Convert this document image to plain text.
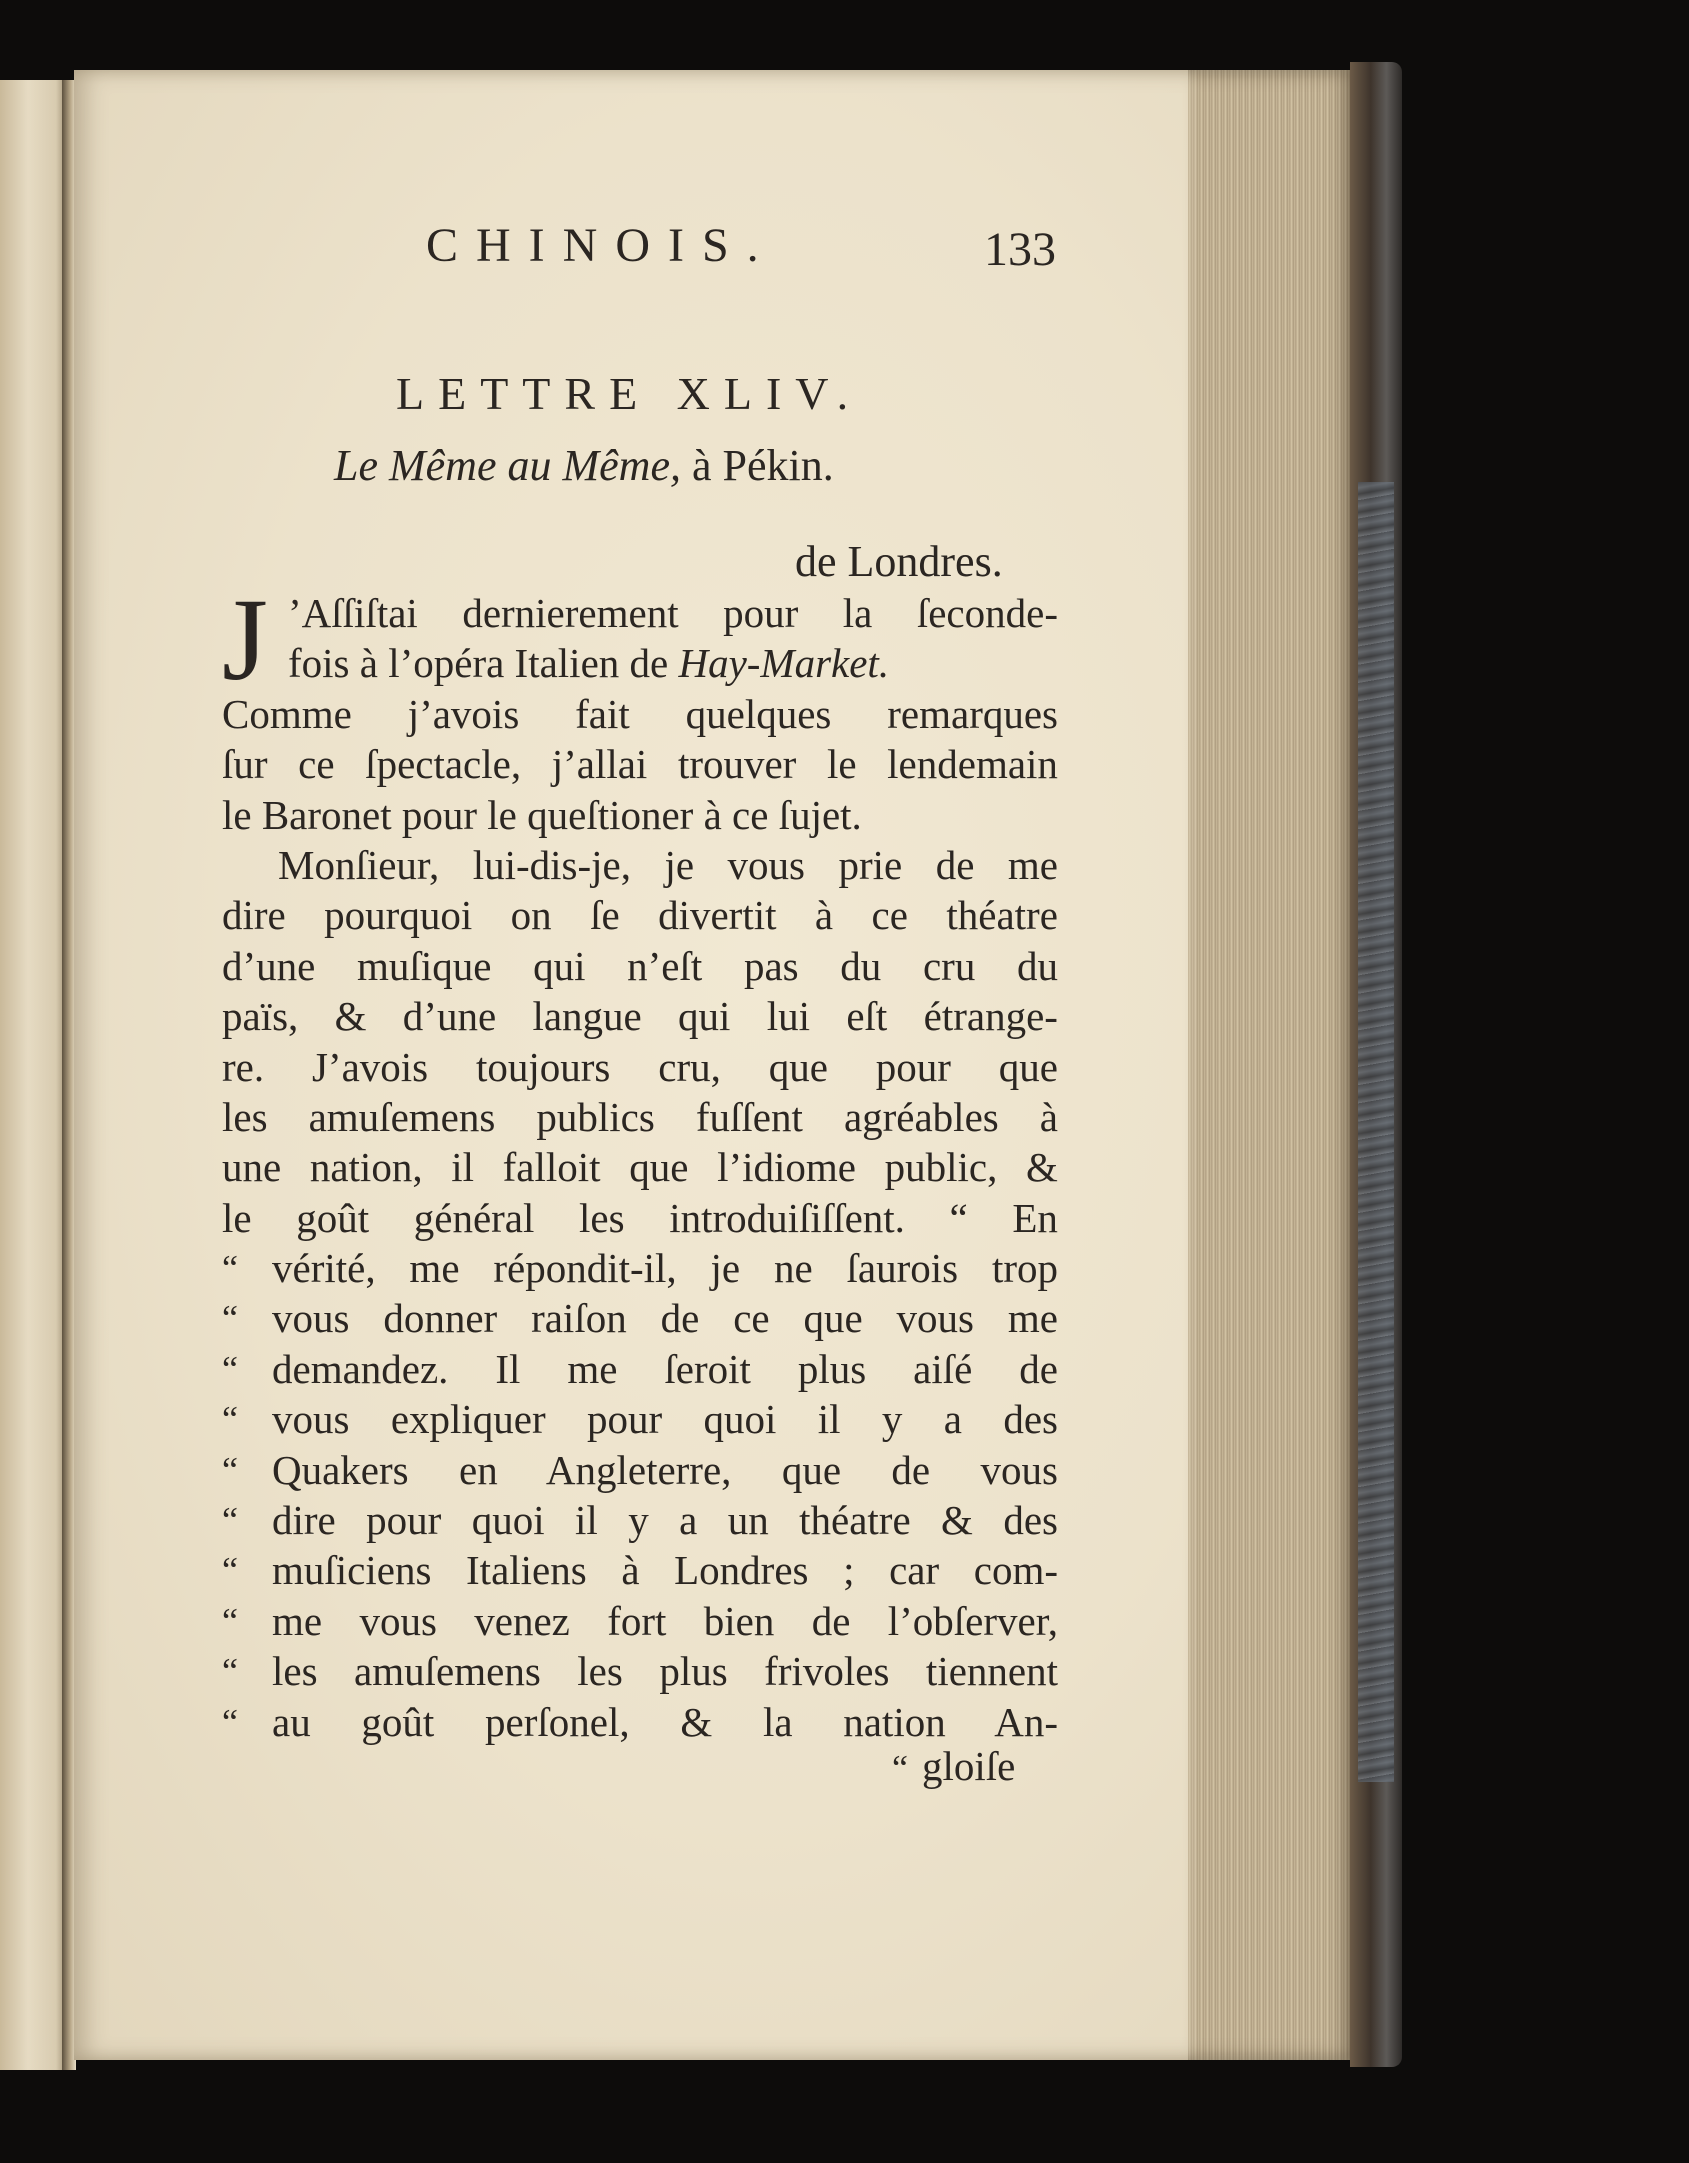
CHINOIS.	133
LETTRE XLIV.
Le Même au Même, à Pékin.
de Londres.
J ’Aſſiſtai dernierement pour la ſeconde-
fois à l’opéra Italien de
Hay-Market.
Comme j’avois fait quelques remarques
ſur ce ſpectacle, j’allai trouver le lendemain
le Baronet pour le queſtioner à ce ſujet.
Monſieur, lui-dis-je, je vous prie de me
dire pourquoi on ſe divertit à ce théatre
d’une muſique qui n’eſt pas du cru du
païs, & d’une langue qui lui eſt étrange-
re. J’avois toujours cru, que pour que
les amuſemens publics fuſſent agréables à
une nation, il falloit que l’idiome public, &
le goût général les introduiſiſſent. “ En
“ vérité, me répondit-il, je ne ſaurois trop
“ vous donner raiſon de ce que vous me
“ demandez. Il me ſeroit plus aiſé de
“ vous expliquer pour quoi il y a des
“ Quakers en Angleterre, que de vous
“ dire pour quoi il y a un théatre & des
“ muſiciens Italiens à Londres ; car com-
“ me vous venez fort bien de l’obſerver,
“ les amuſemens les plus frivoles tiennent
“ au goût perſonel, & la nation An-
“ gloiſe
